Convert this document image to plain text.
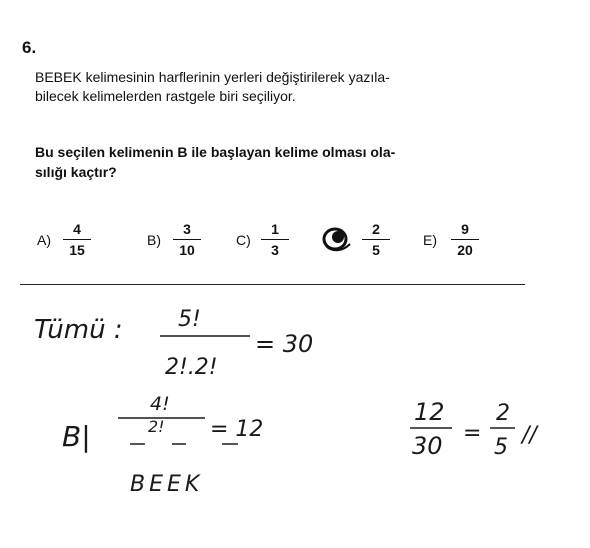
6.
BEBEK kelimesinin harflerinin yerleri değiştirilerek yazıla-
bilecek kelimelerden rastgele biri seçiliyor.
Bu seçilen kelimenin B ile başlayan kelime olması ola-
sılığı kaçtır?
A)
4
15
B)
3
10
C)
1
3
2
5
E)
9
20
Tümü :	5!
2!.2!
= 30
B|
4!
2! = 12
BEEK
12
30 =
2
5 //
